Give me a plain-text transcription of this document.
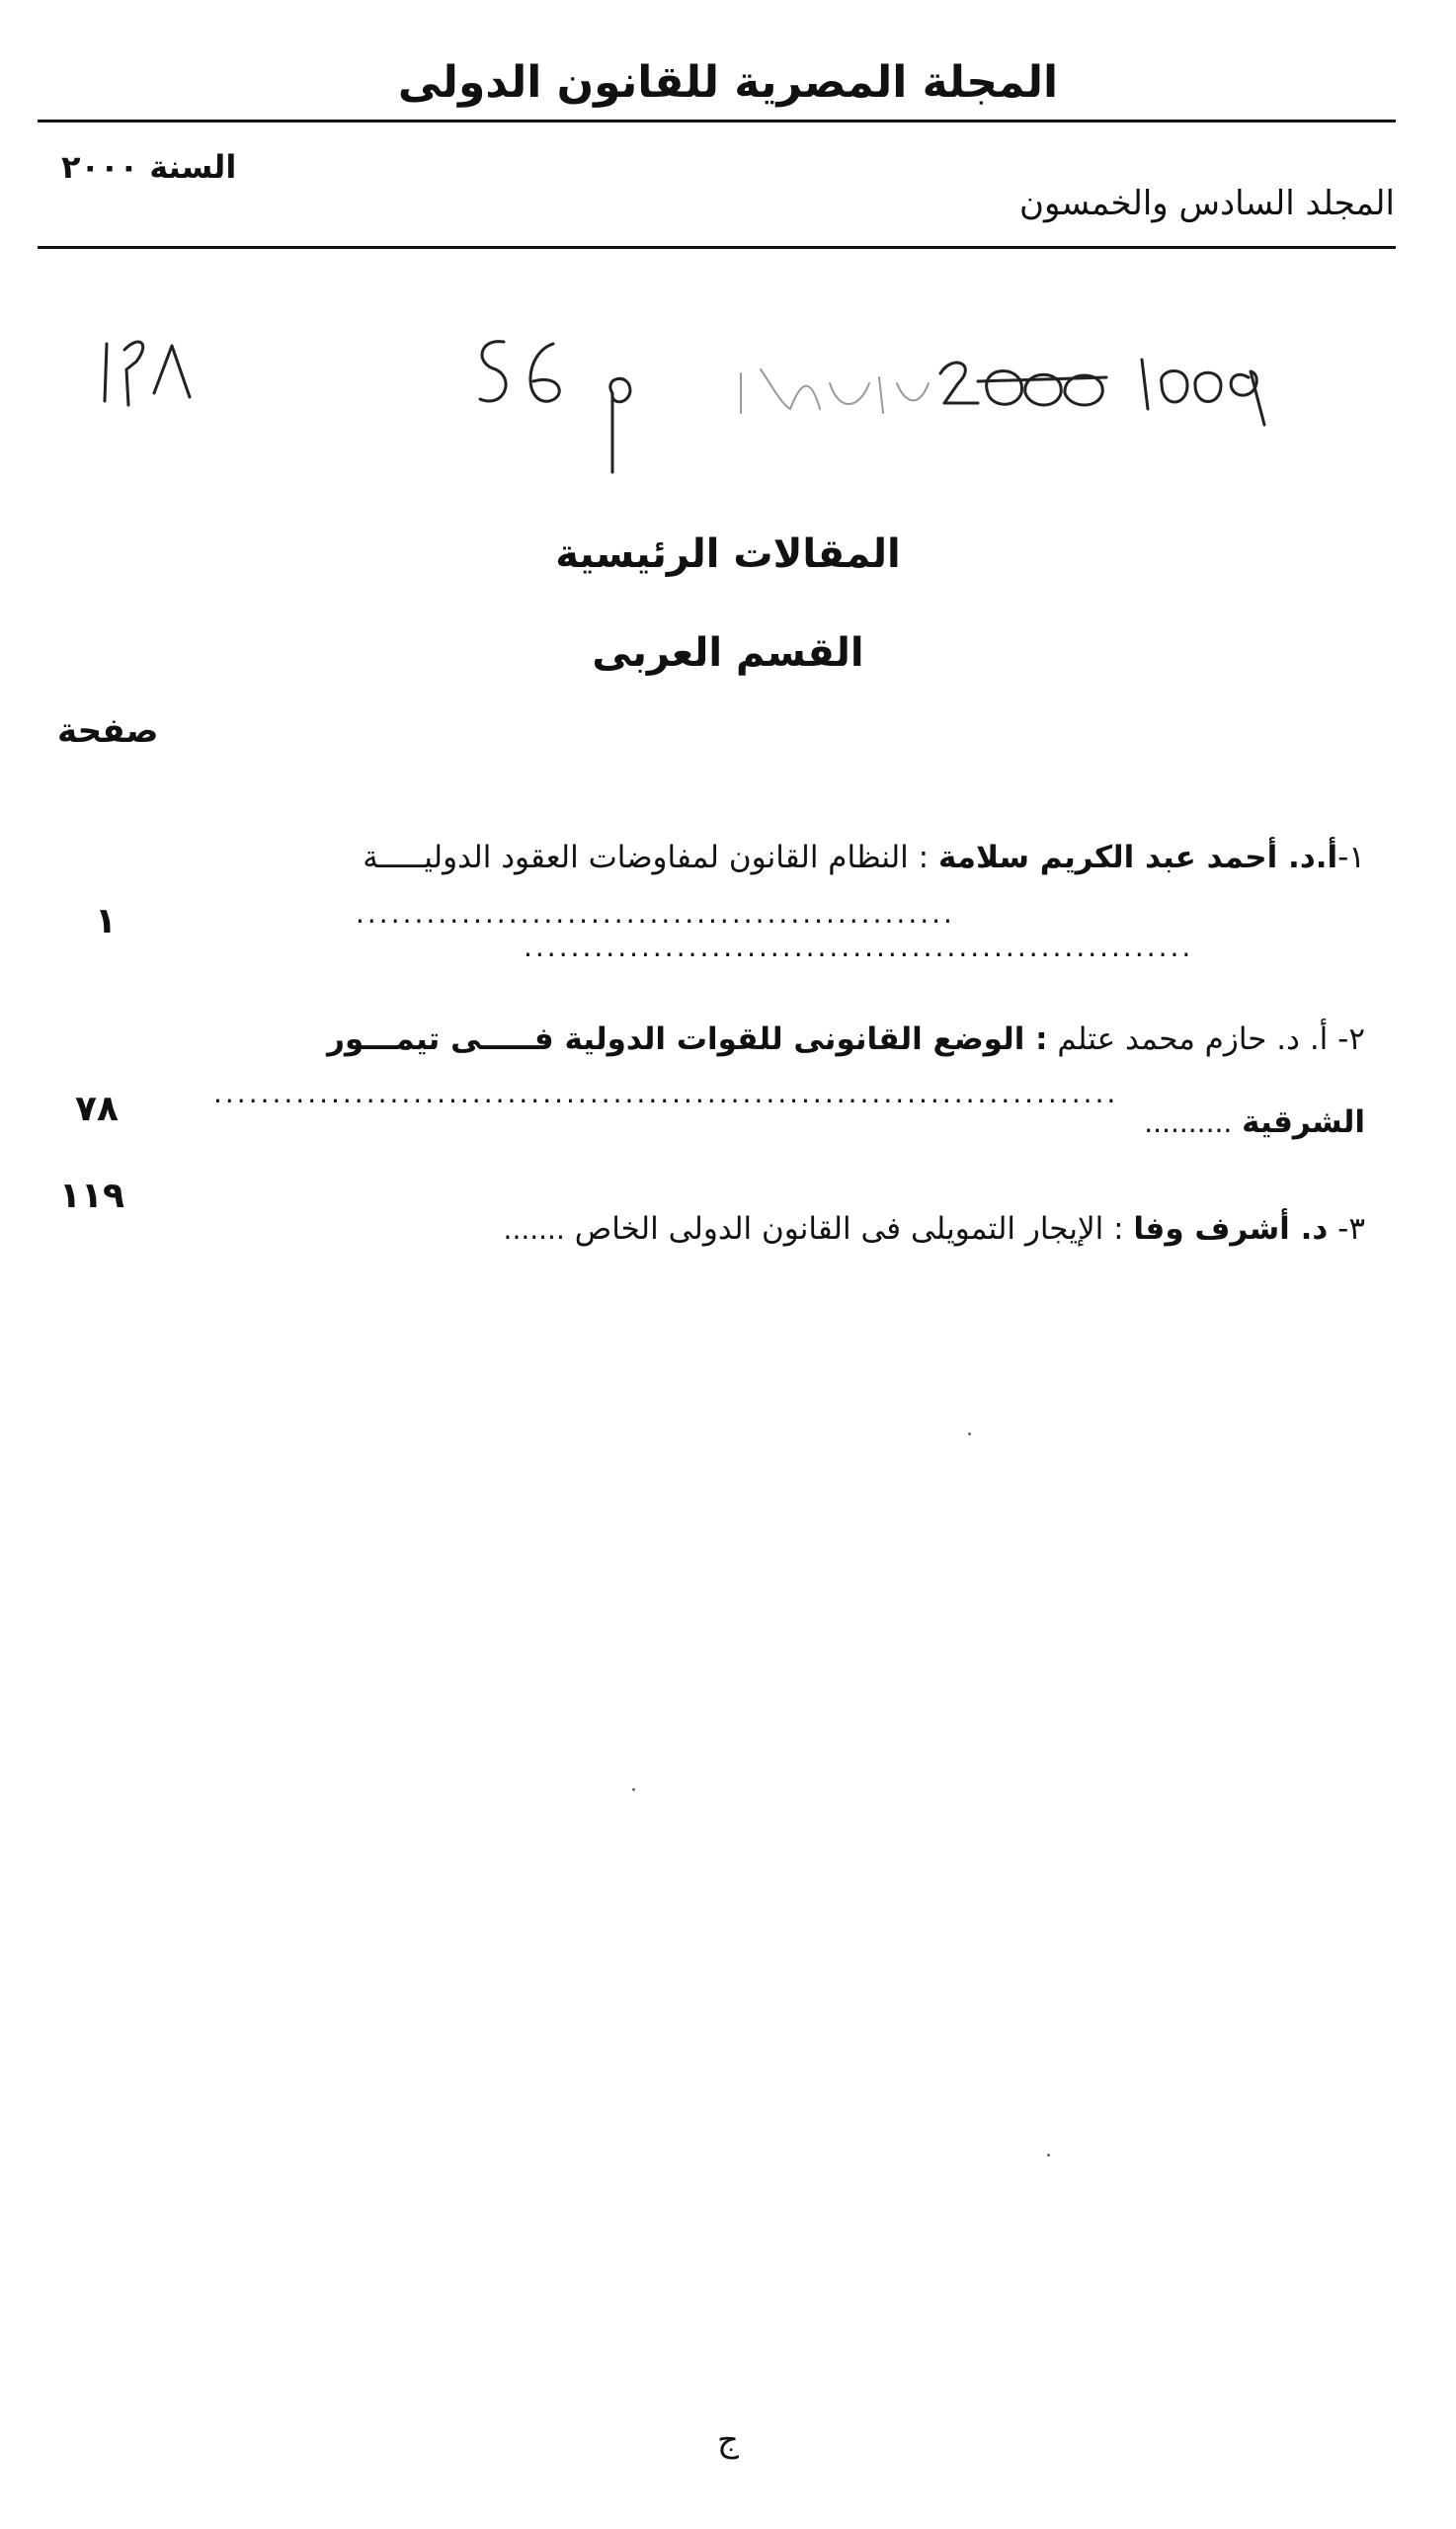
المجلة المصرية للقانون الدولى
السنة ٢٠٠٠
المجلد السادس والخمسون
المقالات الرئيسية
القسم العربى
صفحة
١-أ.د. أحمد عبد الكريم سلامة : النظام القانون لمفاوضات العقود الدوليـــــة
...................................................
.........................................................
١
٢- أ. د. حازم محمد عتلم : الوضع القانونى للقوات الدولية فـــــى تيمـــور
.............................................................................
الشرقية ..........
٧٨
٣- د. أشرف وفا : الإيجار التمويلى فى القانون الدولى الخاص .......
١١٩
ج
